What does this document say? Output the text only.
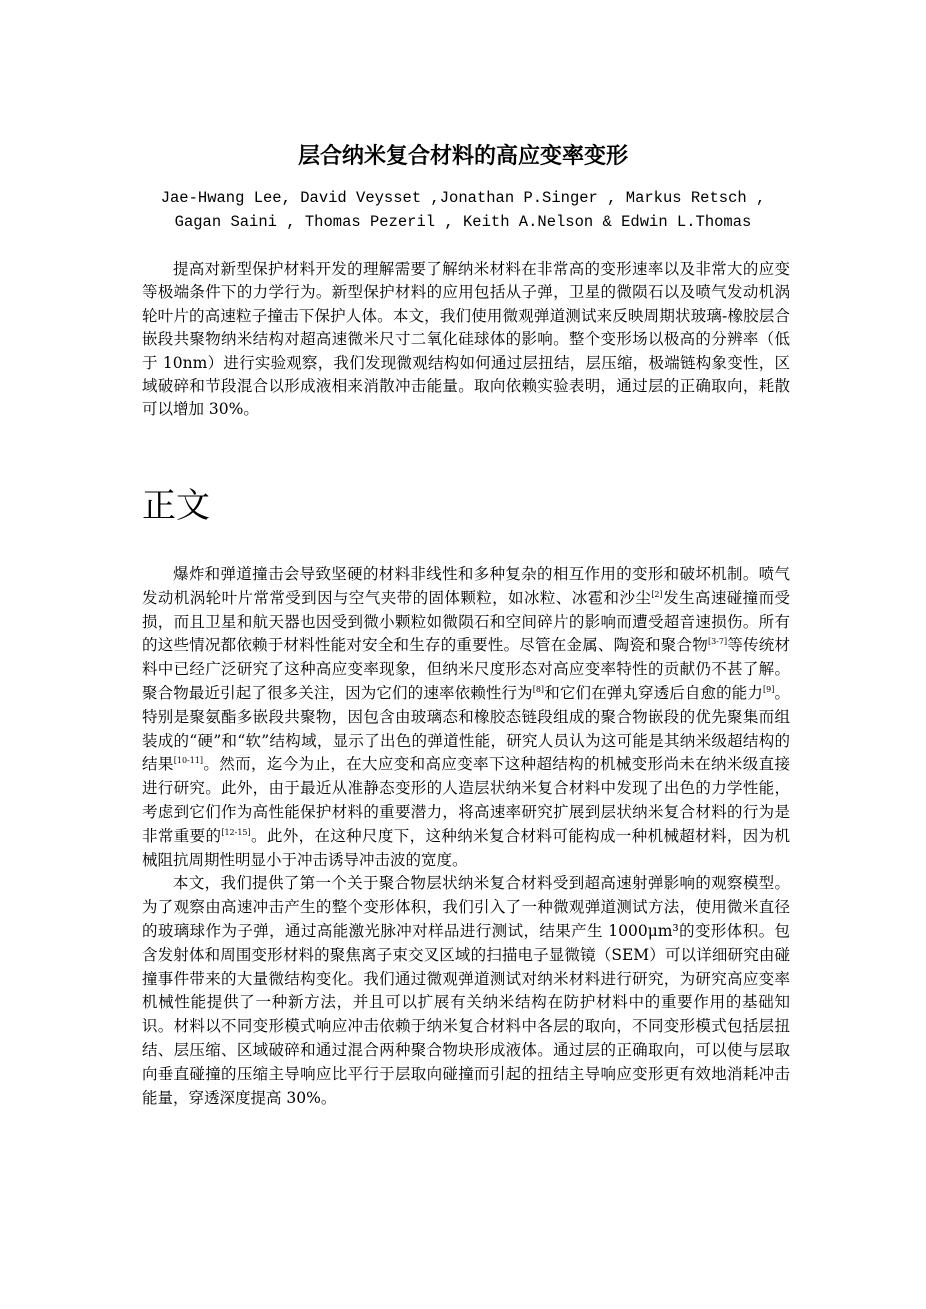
层合纳米复合材料的高应变率变形
Jae-Hwang Lee, David Veysset ,Jonathan P.Singer , Markus Retsch ,
Gagan Saini , Thomas Pezeril , Keith A.Nelson & Edwin L.Thomas
提高对新型保护材料开发的理解需要了解纳米材料在非常高的变形速率以及非常大的应变等极端条件下的力学行为。新型保护材料的应用包括从子弹，卫星的微陨石以及喷气发动机涡轮叶片的高速粒子撞击下保护人体。本文，我们使用微观弹道测试来反映周期状玻璃-橡胶层合嵌段共聚物纳米结构对超高速微米尺寸二氧化硅球体的影响。整个变形场以极高的分辨率（低于 10nm）进行实验观察，我们发现微观结构如何通过层扭结，层压缩，极端链构象变性，区域破碎和节段混合以形成液相来消散冲击能量。取向依赖实验表明，通过层的正确取向，耗散可以增加 30%。
正文

爆炸和弹道撞击会导致坚硬的材料非线性和多种复杂的相互作用的变形和破坏机制。喷气发动机涡轮叶片常常受到因与空气夹带的固体颗粒，如冰粒、冰雹和沙尘[2]发生高速碰撞而受损，而且卫星和航天器也因受到微小颗粒如微陨石和空间碎片的影响而遭受超音速损伤。所有的这些情况都依赖于材料性能对安全和生存的重要性。尽管在金属、陶瓷和聚合物[3-7]等传统材料中已经广泛研究了这种高应变率现象，但纳米尺度形态对高应变率特性的贡献仍不甚了解。聚合物最近引起了很多关注，因为它们的速率依赖性行为[8]和它们在弹丸穿透后自愈的能力[9]。特别是聚氨酯多嵌段共聚物，因包含由玻璃态和橡胶态链段组成的聚合物嵌段的优先聚集而组装成的“硬”和“软”结构域，显示了出色的弹道性能，研究人员认为这可能是其纳米级超结构的结果[10-11]。然而，迄今为止，在大应变和高应变率下这种超结构的机械变形尚未在纳米级直接进行研究。此外，由于最近从准静态变形的人造层状纳米复合材料中发现了出色的力学性能，考虑到它们作为高性能保护材料的重要潜力，将高速率研究扩展到层状纳米复合材料的行为是非常重要的[12-15]。此外，在这种尺度下，这种纳米复合材料可能构成一种机械超材料，因为机械阻抗周期性明显小于冲击诱导冲击波的宽度。

本文，我们提供了第一个关于聚合物层状纳米复合材料受到超高速射弹影响的观察模型。为了观察由高速冲击产生的整个变形体积，我们引入了一种微观弹道测试方法，使用微米直径的玻璃球作为子弹，通过高能激光脉冲对样品进行测试，结果产生 1000μm³的变形体积。包含发射体和周围变形材料的聚焦离子束交叉区域的扫描电子显微镜（SEM）可以详细研究由碰撞事件带来的大量微结构变化。我们通过微观弹道测试对纳米材料进行研究，为研究高应变率机械性能提供了一种新方法，并且可以扩展有关纳米结构在防护材料中的重要作用的基础知识。材料以不同变形模式响应冲击依赖于纳米复合材料中各层的取向，不同变形模式包括层扭结、层压缩、区域破碎和通过混合两种聚合物块形成液体。通过层的正确取向，可以使与层取向垂直碰撞的压缩主导响应比平行于层取向碰撞而引起的扭结主导响应变形更有效地消耗冲击能量，穿透深度提高 30%。
